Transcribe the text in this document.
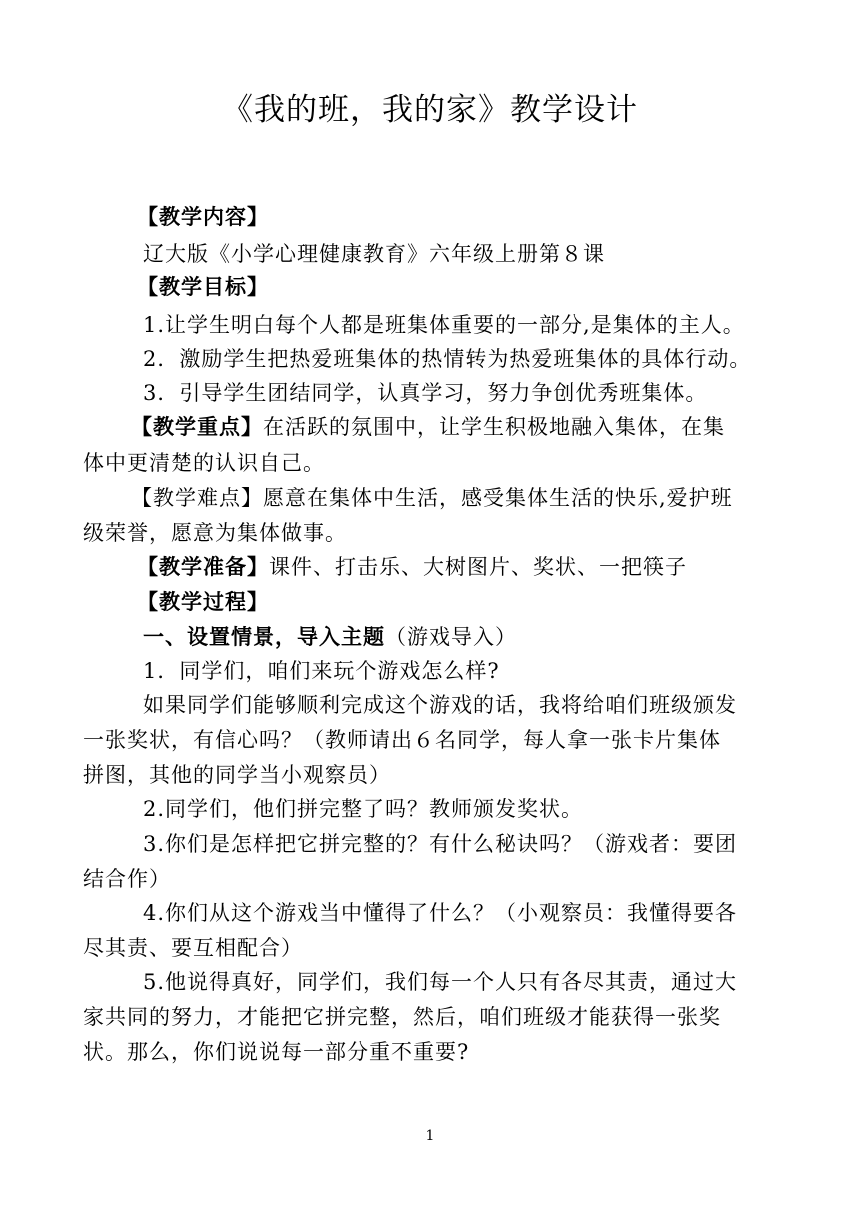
《我的班，我的家》教学设计
【教学内容】
辽大版《小学心理健康教育》六年级上册第８课
【教学目标】
1.让学生明白每个人都是班集体重要的一部分,是集体的主人。
2．激励学生把热爱班集体的热情转为热爱班集体的具体行动。
3．引导学生团结同学，认真学习，努力争创优秀班集体。
【教学重点】在活跃的氛围中，让学生积极地融入集体，在集
体中更清楚的认识自己。
【教学难点】愿意在集体中生活，感受集体生活的快乐,爱护班
级荣誉，愿意为集体做事。
【教学准备】课件、打击乐、大树图片、奖状、一把筷子
【教学过程】
一、设置情景，导入主题（游戏导入）
1．同学们，咱们来玩个游戏怎么样?
如果同学们能够顺利完成这个游戏的话，我将给咱们班级颁发
一张奖状，有信心吗？（教师请出６名同学，每人拿一张卡片集体
拼图，其他的同学当小观察员）
2.同学们，他们拼完整了吗？教师颁发奖状。
3.你们是怎样把它拼完整的？有什么秘诀吗？（游戏者：要团
结合作）
4.你们从这个游戏当中懂得了什么？（小观察员：我懂得要各
尽其责、要互相配合）
5.他说得真好，同学们，我们每一个人只有各尽其责，通过大
家共同的努力，才能把它拼完整，然后，咱们班级才能获得一张奖
状。那么，你们说说每一部分重不重要?
1
